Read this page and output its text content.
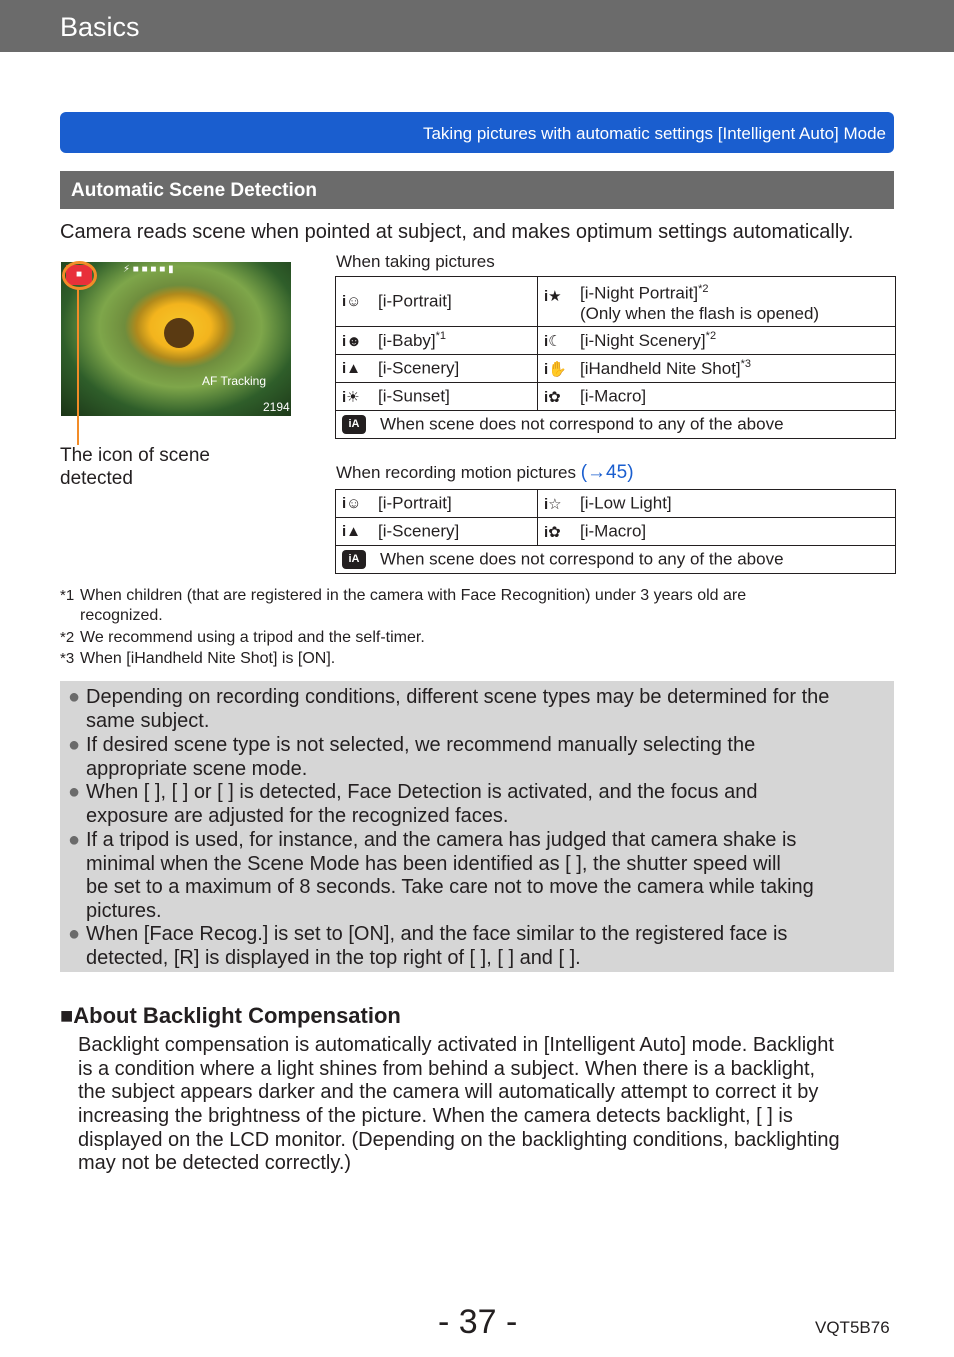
Basics
Taking pictures with automatic settings [Intelligent Auto] Mode
Automatic Scene Detection
Camera reads scene when pointed at subject, and makes optimum settings automatically.
■	⚡ ■ ■ ■ ■ ▮
AF Tracking
2194
The icon of scene
detected
When taking pictures
i☺ [i-Portrait]	i★ [i-Night Portrait]$^{*2}$
(Only when the flash is opened)

i☻ [i-Baby]$^{*1}$	i☾ [i-Night Scenery]$^{*2}$
i▲ [i-Scenery]	i✋ [iHandheld Nite Shot]$^{*3}$
i☀ [i-Sunset]	i✿ [i-Macro]
iA When scene does not correspond to any of the above	
When recording motion pictures (→45)
i☺ [i-Portrait]	i☆ [i-Low Light]
i▲ [i-Scenery]	i✿ [i-Macro]
iA When scene does not correspond to any of the above	
*1 When children (that are registered in the camera with Face Recognition) under 3 years old are
recognized.
*2 We recommend using a tripod and the self-timer.
*3 When [iHandheld Nite Shot] is [ON].
● Depending on recording conditions, different scene types may be determined for the
same subject.
● If desired scene type is not selected, we recommend manually selecting the
appropriate scene mode.
● When [ ], [ ] or [ ] is detected, Face Detection is activated, and the focus and
exposure are adjusted for the recognized faces.
● If a tripod is used, for instance, and the camera has judged that camera shake is
minimal when the Scene Mode has been identified as [ ], the shutter speed will
be set to a maximum of 8 seconds. Take care not to move the camera while taking
pictures.
● When [Face Recog.] is set to [ON], and the face similar to the registered face is
detected, [R] is displayed in the top right of [ ], [ ] and [ ].
■About Backlight Compensation
Backlight compensation is automatically activated in [Intelligent Auto] mode. Backlight
is a condition where a light shines from behind a subject. When there is a backlight,
the subject appears darker and the camera will automatically attempt to correct it by
increasing the brightness of the picture. When the camera detects backlight, [ ] is
displayed on the LCD monitor. (Depending on the backlighting conditions, backlighting
may not be detected correctly.)
- 37 -	VQT5B76
